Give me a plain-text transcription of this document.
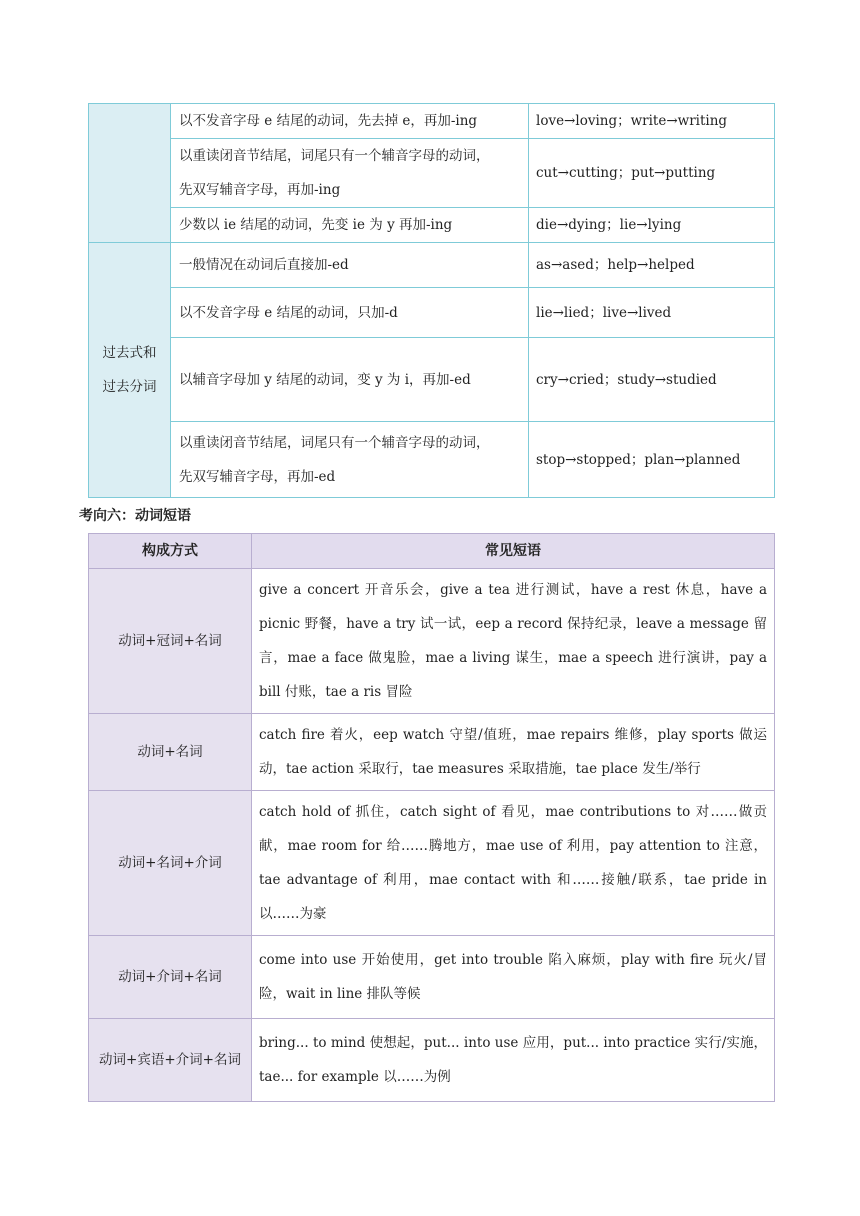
	以不发音字母 e 结尾的动词，先去掉 e，再加-ing	love→loving；write→writing

	以重读闭音节结尾，词尾只有一个辅音字母的动词，
先双写辅音字母，再加-ing	cut→cutting；put→putting
	少数以 ie 结尾的动词，先变 ie 为 y 再加-ing	die→dying；lie→lying

过去式和
过去分词	一般情况在动词后直接加-ed	as→ased；help→helped
	以不发音字母 e 结尾的动词，只加-d	lie→lied；live→lived
	以辅音字母加 y 结尾的动词，变 y 为 i，再加-ed	cry→cried；study→studied

	以重读闭音节结尾，词尾只有一个辅音字母的动词，
先双写辅音字母，再加-ed	stop→stopped；plan→planned
考向六：动词短语
构成方式	常见短语
动词+冠词+名词	give a concert 开音乐会，give a tea 进行测试，have a rest 休息，have a picnic 野餐，have a try 试一试，eep a record 保持纪录，leave a message 留言，mae a face 做鬼脸，mae a living 谋生，mae a speech 进行演讲，pay a bill 付账，tae a ris 冒险
动词+名词	catch fire 着火，eep watch 守望/值班，mae repairs 维修，play sports 做运动，tae action 采取行，tae measures 采取措施，tae place 发生/举行
动词+名词+介词	catch hold of 抓住，catch sight of 看见，mae contributions to 对……做贡献，mae room for 给……腾地方，mae use of 利用，pay attention to 注意，tae advantage of 利用，mae contact with 和……接触/联系，tae pride in 以……为豪
动词+介词+名词	come into use 开始使用，get into trouble 陷入麻烦，play with fire 玩火/冒险，wait in line 排队等候
动词+宾语+介词+名词	bring... to mind 使想起，put... into use 应用，put... into practice 实行/实施，tae... for example 以……为例
